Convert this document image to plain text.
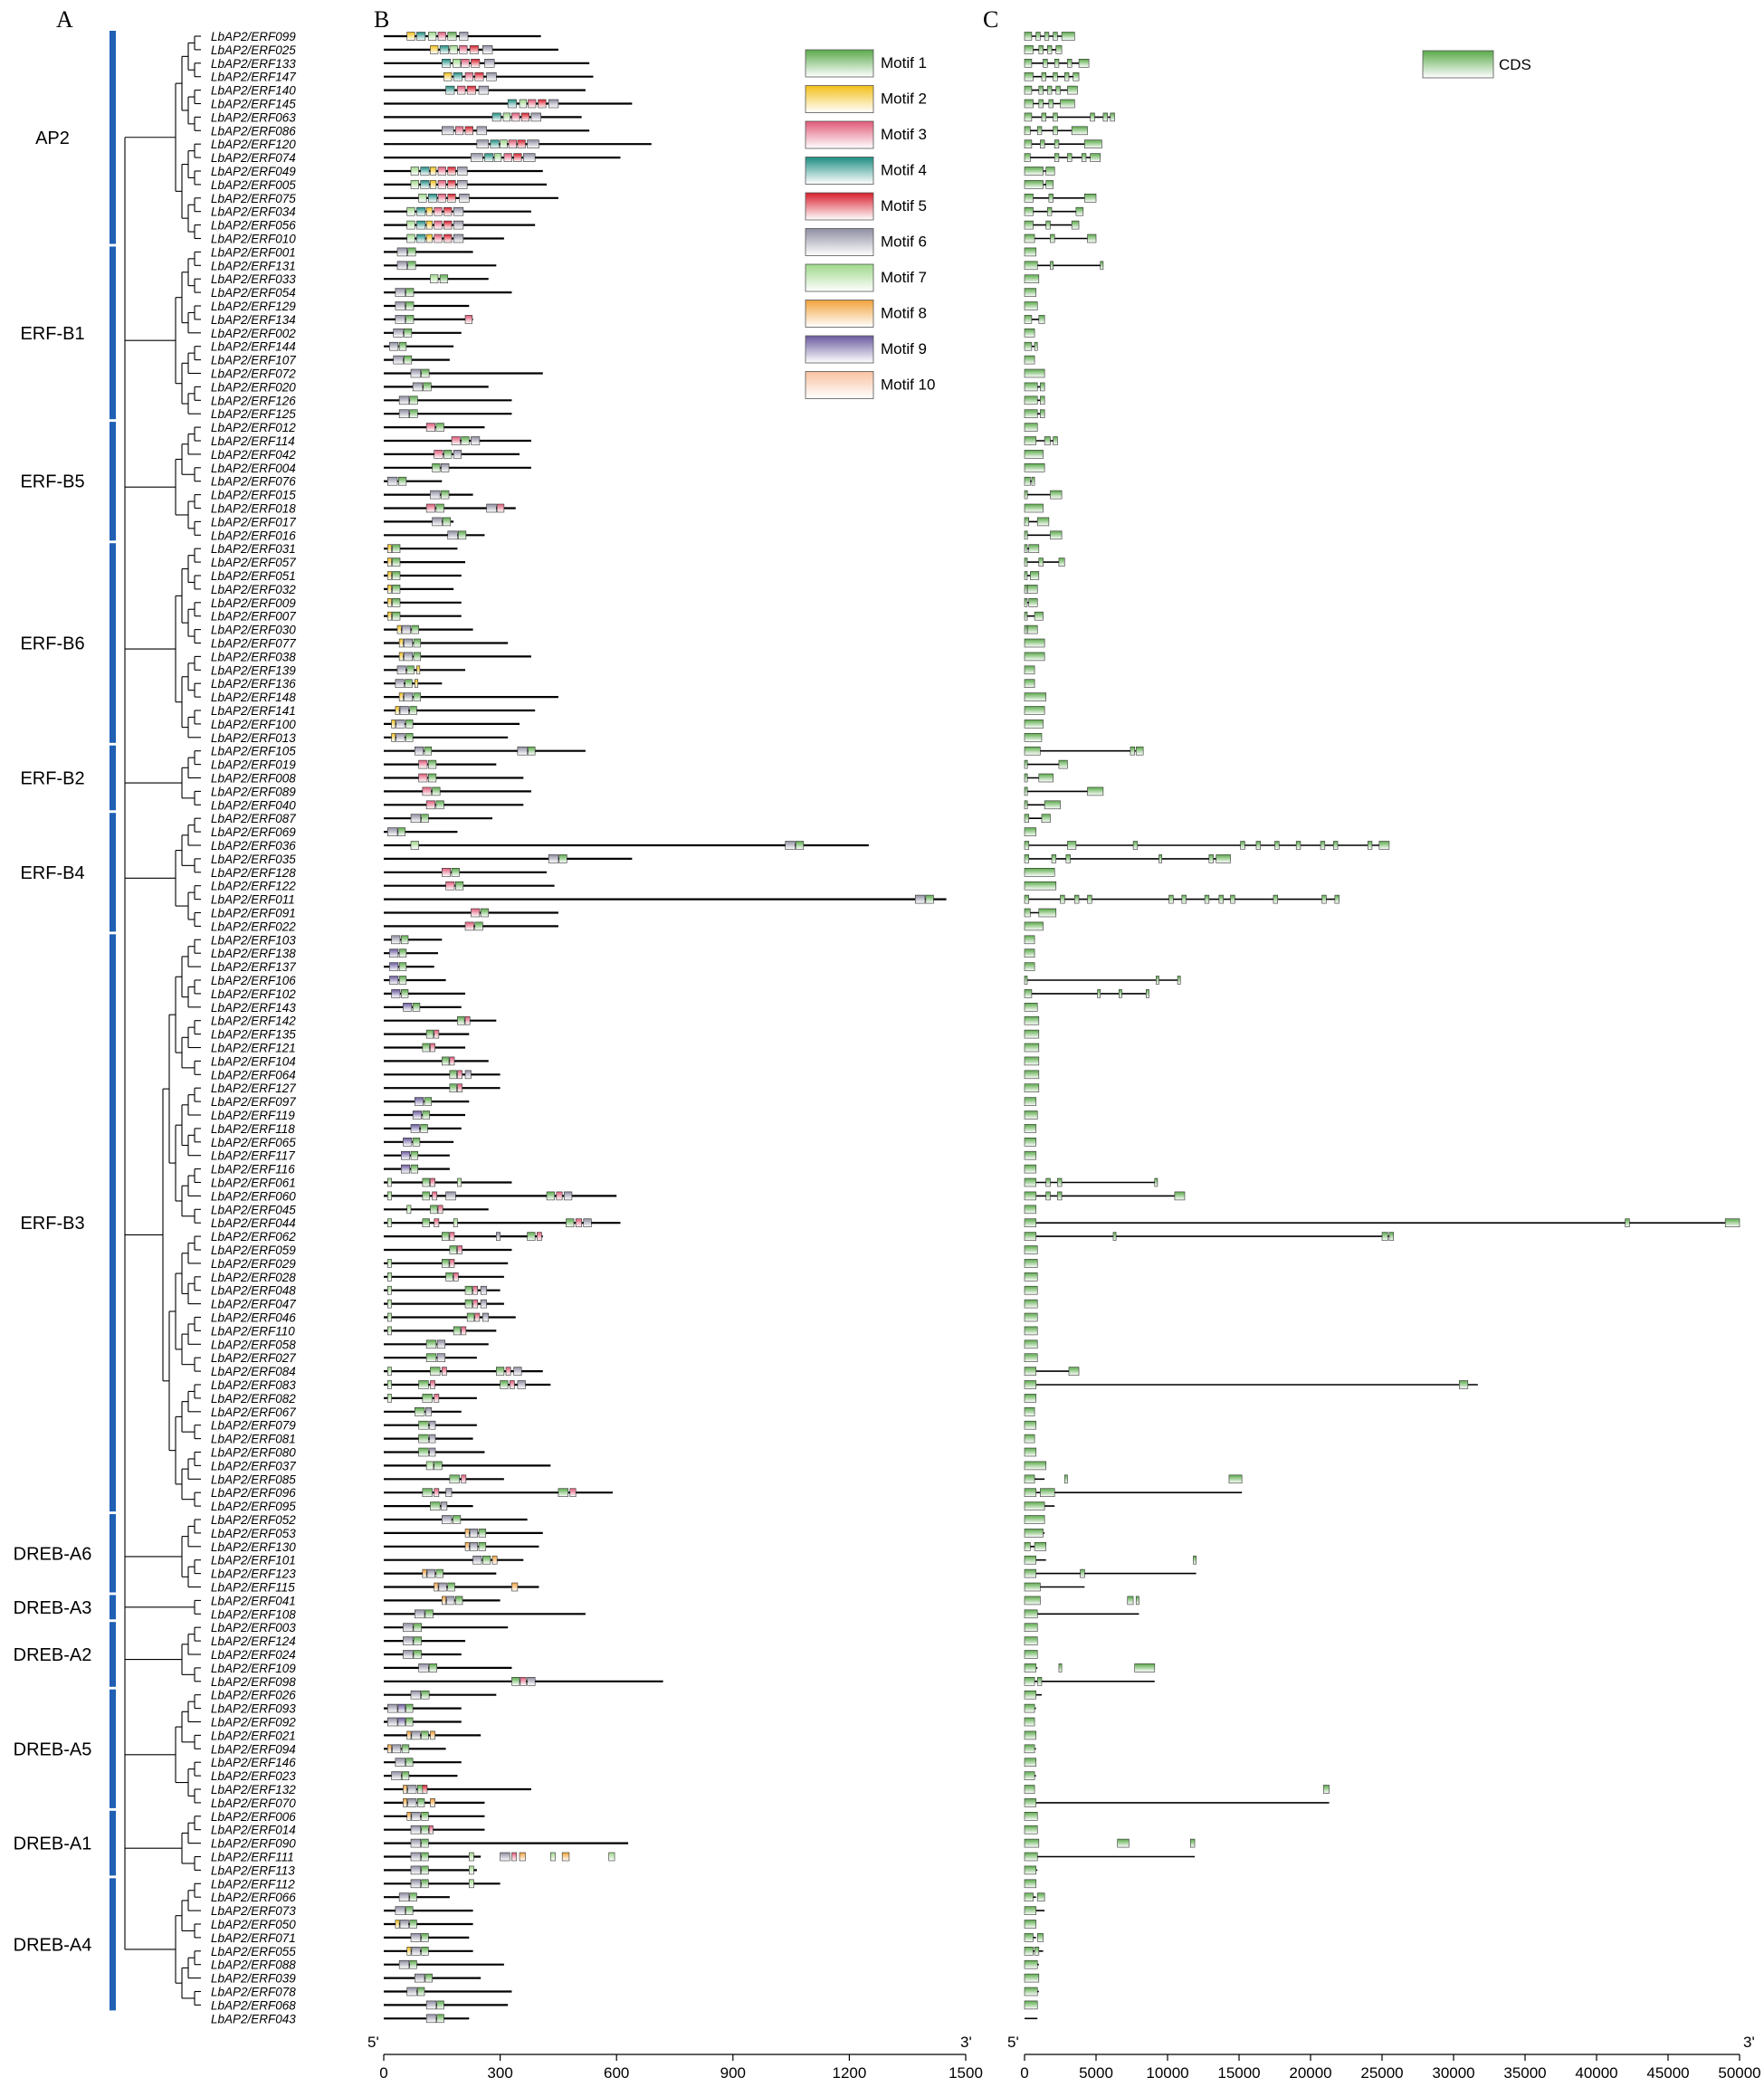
A	B	C
AP2
ERF-B1
ERF-B5
ERF-B6
ERF-B2
ERF-B4
ERF-B3
DREB-A6
DREB-A3
DREB-A2
DREB-A5
DREB-A1
DREB-A4
LbAP2/ERF099
LbAP2/ERF025
LbAP2/ERF133
LbAP2/ERF147
LbAP2/ERF140
LbAP2/ERF145
LbAP2/ERF063
LbAP2/ERF086
LbAP2/ERF120
LbAP2/ERF074
LbAP2/ERF049
LbAP2/ERF005
LbAP2/ERF075
LbAP2/ERF034
LbAP2/ERF056
LbAP2/ERF010
LbAP2/ERF001
LbAP2/ERF131
LbAP2/ERF033
LbAP2/ERF054
LbAP2/ERF129
LbAP2/ERF134
LbAP2/ERF002
LbAP2/ERF144
LbAP2/ERF107
LbAP2/ERF072
LbAP2/ERF020
LbAP2/ERF126
LbAP2/ERF125
LbAP2/ERF012
LbAP2/ERF114
LbAP2/ERF042
LbAP2/ERF004
LbAP2/ERF076
LbAP2/ERF015
LbAP2/ERF018
LbAP2/ERF017
LbAP2/ERF016
LbAP2/ERF031
LbAP2/ERF057
LbAP2/ERF051
LbAP2/ERF032
LbAP2/ERF009
LbAP2/ERF007
LbAP2/ERF030
LbAP2/ERF077
LbAP2/ERF038
LbAP2/ERF139
LbAP2/ERF136
LbAP2/ERF148
LbAP2/ERF141
LbAP2/ERF100
LbAP2/ERF013
LbAP2/ERF105
LbAP2/ERF019
LbAP2/ERF008
LbAP2/ERF089
LbAP2/ERF040
LbAP2/ERF087
LbAP2/ERF069
LbAP2/ERF036
LbAP2/ERF035
LbAP2/ERF128
LbAP2/ERF122
LbAP2/ERF011
LbAP2/ERF091
LbAP2/ERF022
LbAP2/ERF103
LbAP2/ERF138
LbAP2/ERF137
LbAP2/ERF106
LbAP2/ERF102
LbAP2/ERF143
LbAP2/ERF142
LbAP2/ERF135
LbAP2/ERF121
LbAP2/ERF104
LbAP2/ERF064
LbAP2/ERF127
LbAP2/ERF097
LbAP2/ERF119
LbAP2/ERF118
LbAP2/ERF065
LbAP2/ERF117
LbAP2/ERF116
LbAP2/ERF061
LbAP2/ERF060
LbAP2/ERF045
LbAP2/ERF044
LbAP2/ERF062
LbAP2/ERF059
LbAP2/ERF029
LbAP2/ERF028
LbAP2/ERF048
LbAP2/ERF047
LbAP2/ERF046
LbAP2/ERF110
LbAP2/ERF058
LbAP2/ERF027
LbAP2/ERF084
LbAP2/ERF083
LbAP2/ERF082
LbAP2/ERF067
LbAP2/ERF079
LbAP2/ERF081
LbAP2/ERF080
LbAP2/ERF037
LbAP2/ERF085
LbAP2/ERF096
LbAP2/ERF095
LbAP2/ERF052
LbAP2/ERF053
LbAP2/ERF130
LbAP2/ERF101
LbAP2/ERF123
LbAP2/ERF115
LbAP2/ERF041
LbAP2/ERF108
LbAP2/ERF003
LbAP2/ERF124
LbAP2/ERF024
LbAP2/ERF109
LbAP2/ERF098
LbAP2/ERF026
LbAP2/ERF093
LbAP2/ERF092
LbAP2/ERF021
LbAP2/ERF094
LbAP2/ERF146
LbAP2/ERF023
LbAP2/ERF132
LbAP2/ERF070
LbAP2/ERF006
LbAP2/ERF014
LbAP2/ERF090
LbAP2/ERF111
LbAP2/ERF113
LbAP2/ERF112
LbAP2/ERF066
LbAP2/ERF073
LbAP2/ERF050
LbAP2/ERF071
LbAP2/ERF055
LbAP2/ERF088
LbAP2/ERF039
LbAP2/ERF078
LbAP2/ERF068
LbAP2/ERF043
Motif 1
Motif 2
Motif 3
Motif 4
Motif 5
Motif 6
Motif 7
Motif 8
Motif 9
Motif 10
CDS
5'	3'
0	300	600	900	1200	1500
5'	3'
0	5000 10000 15000 20000 25000 30000 35000 40000 45000 50000
